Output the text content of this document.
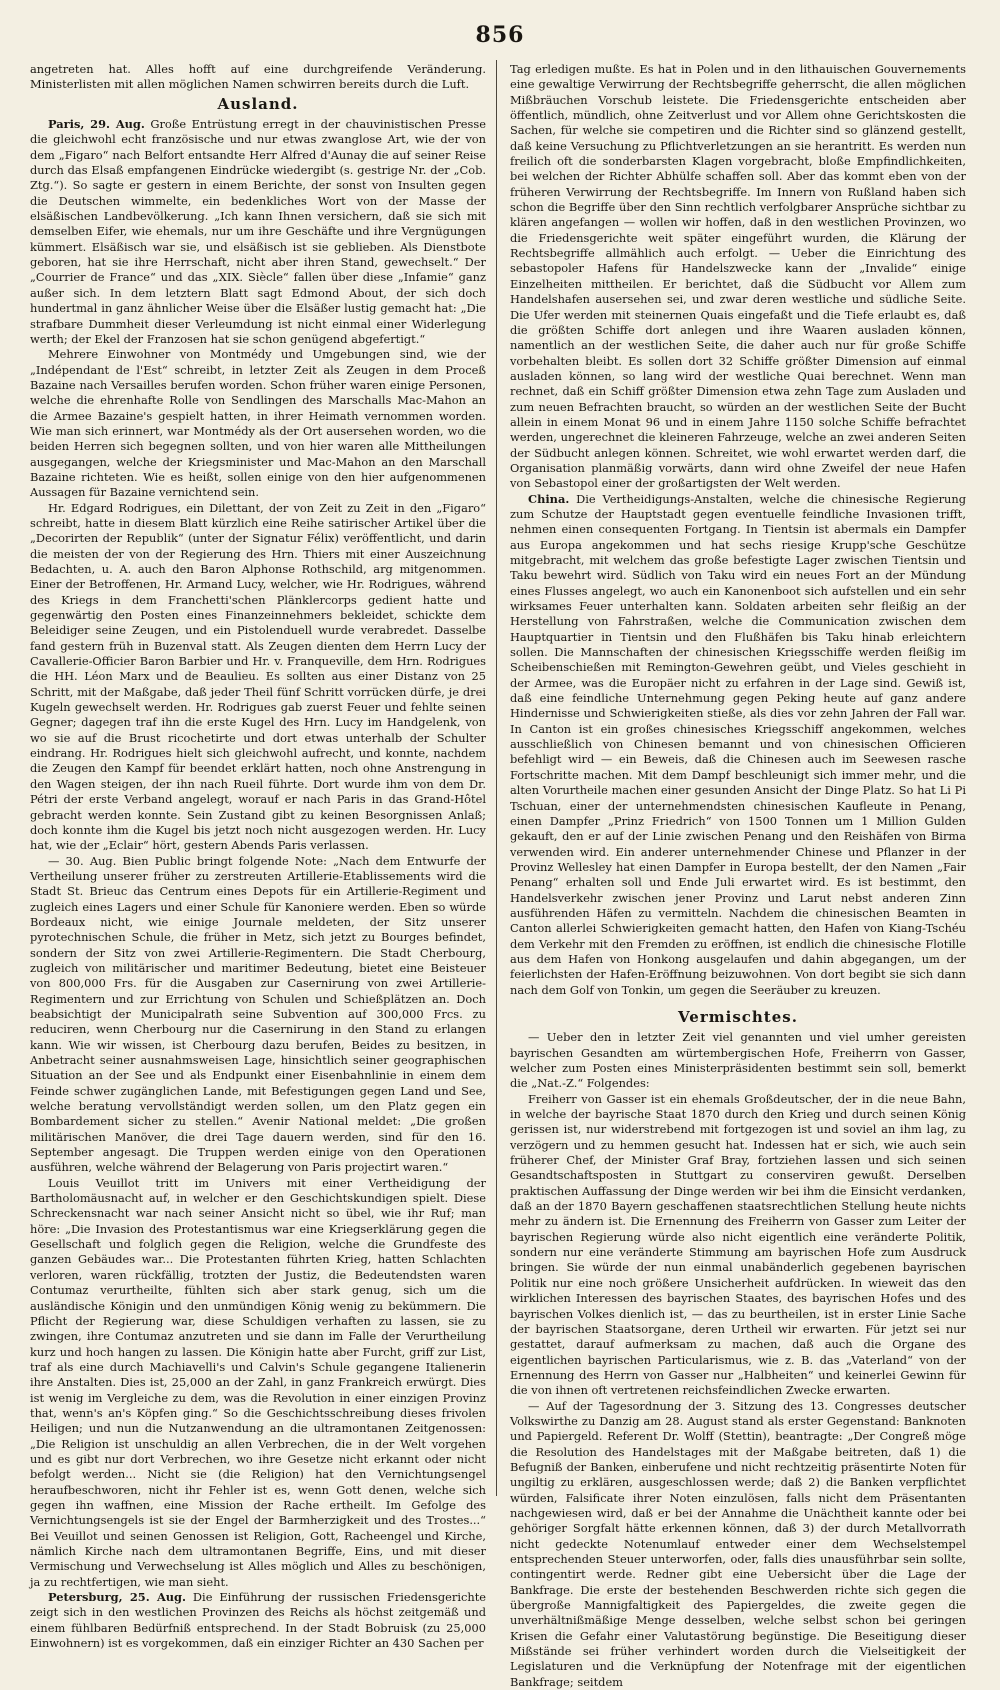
856

angetreten hat. Alles hofft auf eine durchgreifende Veränderung. Ministerlisten mit allen möglichen Namen schwirren bereits durch die Luft.

Ausland.

Paris, 29. Aug. Große Entrüstung erregt in der chauvinistischen Presse die gleichwohl echt französische und nur etwas zwanglose Art, wie der von dem „Figaro“ nach Belfort entsandte Herr Alfred d'Aunay die auf seiner Reise durch das Elsaß empfangenen Eindrücke wiedergibt (s. gestrige Nr. der „Cob. Ztg.“). So sagte er gestern in einem Berichte, der sonst von Insulten gegen die Deutschen wimmelte, ein bedenkliches Wort von der Masse der elsäßischen Landbevölkerung. „Ich kann Ihnen versichern, daß sie sich mit demselben Eifer, wie ehemals, nur um ihre Geschäfte und ihre Vergnügungen kümmert. Elsäßisch war sie, und elsäßisch ist sie geblieben. Als Dienstbote geboren, hat sie ihre Herrschaft, nicht aber ihren Stand, gewechselt.“ Der „Courrier de France“ und das „XIX. Siècle“ fallen über diese „Infamie“ ganz außer sich. In dem letztern Blatt sagt Edmond About, der sich doch hundertmal in ganz ähnlicher Weise über die Elsäßer lustig gemacht hat: „Die strafbare Dummheit dieser Verleumdung ist nicht einmal einer Widerlegung werth; der Ekel der Franzosen hat sie schon genügend abgefertigt.“

Mehrere Einwohner von Montmédy und Umgebungen sind, wie der „Indépendant de l'Est“ schreibt, in letzter Zeit als Zeugen in dem Proceß Bazaine nach Versailles berufen worden. Schon früher waren einige Personen, welche die ehrenhafte Rolle von Sendlingen des Marschalls Mac-Mahon an die Armee Bazaine's gespielt hatten, in ihrer Heimath vernommen worden. Wie man sich erinnert, war Montmédy als der Ort ausersehen worden, wo die beiden Herren sich begegnen sollten, und von hier waren alle Mittheilungen ausgegangen, welche der Kriegsminister und Mac-Mahon an den Marschall Bazaine richteten. Wie es heißt, sollen einige von den hier aufgenommenen Aussagen für Bazaine vernichtend sein.

Hr. Edgard Rodrigues, ein Dilettant, der von Zeit zu Zeit in den „Figaro“ schreibt, hatte in diesem Blatt kürzlich eine Reihe satirischer Artikel über die „Decorirten der Republik“ (unter der Signatur Félix) veröffentlicht, und darin die meisten der von der Regierung des Hrn. Thiers mit einer Auszeichnung Bedachten, u. A. auch den Baron Alphonse Rothschild, arg mitgenommen. Einer der Betroffenen, Hr. Armand Lucy, welcher, wie Hr. Rodrigues, während des Kriegs in dem Franchetti'schen Plänklercorps gedient hatte und gegenwärtig den Posten eines Finanzeinnehmers bekleidet, schickte dem Beleidiger seine Zeugen, und ein Pistolenduell wurde verabredet. Dasselbe fand gestern früh in Buzenval statt. Als Zeugen dienten dem Herrn Lucy der Cavallerie-Officier Baron Barbier und Hr. v. Franqueville, dem Hrn. Rodrigues die HH. Léon Marx und de Beaulieu. Es sollten aus einer Distanz von 25 Schritt, mit der Maßgabe, daß jeder Theil fünf Schritt vorrücken dürfe, je drei Kugeln gewechselt werden. Hr. Rodrigues gab zuerst Feuer und fehlte seinen Gegner; dagegen traf ihn die erste Kugel des Hrn. Lucy im Handgelenk, von wo sie auf die Brust ricochetirte und dort etwas unterhalb der Schulter eindrang. Hr. Rodrigues hielt sich gleichwohl aufrecht, und konnte, nachdem die Zeugen den Kampf für beendet erklärt hatten, noch ohne Anstrengung in den Wagen steigen, der ihn nach Rueil führte. Dort wurde ihm von dem Dr. Pétri der erste Verband angelegt, worauf er nach Paris in das Grand-Hôtel gebracht werden konnte. Sein Zustand gibt zu keinen Besorgnissen Anlaß; doch konnte ihm die Kugel bis jetzt noch nicht ausgezogen werden. Hr. Lucy hat, wie der „Eclair“ hört, gestern Abends Paris verlassen.

— 30. Aug. Bien Public bringt folgende Note: „Nach dem Entwurfe der Vertheilung unserer früher zu zerstreuten Artillerie-Etablissements wird die Stadt St. Brieuc das Centrum eines Depots für ein Artillerie-Regiment und zugleich eines Lagers und einer Schule für Kanoniere werden. Eben so würde Bordeaux nicht, wie einige Journale meldeten, der Sitz unserer pyrotechnischen Schule, die früher in Metz, sich jetzt zu Bourges befindet, sondern der Sitz von zwei Artillerie-Regimentern. Die Stadt Cherbourg, zugleich von militärischer und maritimer Bedeutung, bietet eine Beisteuer von 800,000 Frs. für die Ausgaben zur Casernirung von zwei Artillerie-Regimentern und zur Errichtung von Schulen und Schießplätzen an. Doch beabsichtigt der Municipalrath seine Subvention auf 300,000 Frcs. zu reduciren, wenn Cherbourg nur die Casernirung in den Stand zu erlangen kann. Wie wir wissen, ist Cherbourg dazu berufen, Beides zu besitzen, in Anbetracht seiner ausnahmsweisen Lage, hinsichtlich seiner geographischen Situation an der See und als Endpunkt einer Eisenbahnlinie in einem dem Feinde schwer zugänglichen Lande, mit Befestigungen gegen Land und See, welche beratung vervollständigt werden sollen, um den Platz gegen ein Bombardement sicher zu stellen.“ Avenir National meldet: „Die großen militärischen Manöver, die drei Tage dauern werden, sind für den 16. September angesagt. Die Truppen werden einige von den Operationen ausführen, welche während der Belagerung von Paris projectirt waren.“

Louis Veuillot tritt im Univers mit einer Vertheidigung der Bartholomäusnacht auf, in welcher er den Geschichtskundigen spielt. Diese Schreckensnacht war nach seiner Ansicht nicht so übel, wie ihr Ruf; man höre: „Die Invasion des Protestantismus war eine Kriegserklärung gegen die Gesellschaft und folglich gegen die Religion, welche die Grundfeste des ganzen Gebäudes war... Die Protestanten führten Krieg, hatten Schlachten verloren, waren rückfällig, trotzten der Justiz, die Bedeutendsten waren Contumaz verurtheilte, fühlten sich aber stark genug, sich um die ausländische Königin und den unmündigen König wenig zu bekümmern. Die Pflicht der Regierung war, diese Schuldigen verhaften zu lassen, sie zu zwingen, ihre Contumaz anzutreten und sie dann im Falle der Verurtheilung kurz und hoch hangen zu lassen. Die Königin hatte aber Furcht, griff zur List, traf als eine durch Machiavelli's und Calvin's Schule gegangene Italienerin ihre Anstalten. Dies ist, 25,000 an der Zahl, in ganz Frankreich erwürgt. Dies ist wenig im Vergleiche zu dem, was die Revolution in einer einzigen Provinz that, wenn's an's Köpfen ging.“ So die Geschichtsschreibung dieses frivolen Heiligen; und nun die Nutzanwendung an die ultramontanen Zeitgenossen: „Die Religion ist unschuldig an allen Verbrechen, die in der Welt vorgehen und es gibt nur dort Verbrechen, wo ihre Gesetze nicht erkannt oder nicht befolgt werden... Nicht sie (die Religion) hat den Vernichtungsengel heraufbeschworen, nicht ihr Fehler ist es, wenn Gott denen, welche sich gegen ihn waffnen, eine Mission der Rache ertheilt. Im Gefolge des Vernichtungsengels ist sie der Engel der Barmherzigkeit und des Trostes...“ Bei Veuillot und seinen Genossen ist Religion, Gott, Racheengel und Kirche, nämlich Kirche nach dem ultramontanen Begriffe, Eins, und mit dieser Vermischung und Verwechselung ist Alles möglich und Alles zu beschönigen, ja zu rechtfertigen, wie man sieht.

Petersburg, 25. Aug. Die Einführung der russischen Friedensgerichte zeigt sich in den westlichen Provinzen des Reichs als höchst zeitgemäß und einem fühlbaren Bedürfniß entsprechend. In der Stadt Bobruisk (zu 25,000 Einwohnern) ist es vorgekommen, daß ein einziger Richter an 430 Sachen per

Tag erledigen mußte. Es hat in Polen und in den lithauischen Gouvernements eine gewaltige Verwirrung der Rechtsbegriffe geherrscht, die allen möglichen Mißbräuchen Vorschub leistete. Die Friedensgerichte entscheiden aber öffentlich, mündlich, ohne Zeitverlust und vor Allem ohne Gerichtskosten die Sachen, für welche sie competiren und die Richter sind so glänzend gestellt, daß keine Versuchung zu Pflichtverletzungen an sie herantritt. Es werden nun freilich oft die sonderbarsten Klagen vorgebracht, bloße Empfindlichkeiten, bei welchen der Richter Abhülfe schaffen soll. Aber das kommt eben von der früheren Verwirrung der Rechtsbegriffe. Im Innern von Rußland haben sich schon die Begriffe über den Sinn rechtlich verfolgbarer Ansprüche sichtbar zu klären angefangen — wollen wir hoffen, daß in den westlichen Provinzen, wo die Friedensgerichte weit später eingeführt wurden, die Klärung der Rechtsbegriffe allmählich auch erfolgt. — Ueber die Einrichtung des sebastopoler Hafens für Handelszwecke kann der „Invalide“ einige Einzelheiten mittheilen. Er berichtet, daß die Südbucht vor Allem zum Handelshafen ausersehen sei, und zwar deren westliche und südliche Seite. Die Ufer werden mit steinernen Quais eingefaßt und die Tiefe erlaubt es, daß die größten Schiffe dort anlegen und ihre Waaren ausladen können, namentlich an der westlichen Seite, die daher auch nur für große Schiffe vorbehalten bleibt. Es sollen dort 32 Schiffe größter Dimension auf einmal ausladen können, so lang wird der westliche Quai berechnet. Wenn man rechnet, daß ein Schiff größter Dimension etwa zehn Tage zum Ausladen und zum neuen Befrachten braucht, so würden an der westlichen Seite der Bucht allein in einem Monat 96 und in einem Jahre 1150 solche Schiffe befrachtet werden, ungerechnet die kleineren Fahrzeuge, welche an zwei anderen Seiten der Südbucht anlegen können. Schreitet, wie wohl erwartet werden darf, die Organisation planmäßig vorwärts, dann wird ohne Zweifel der neue Hafen von Sebastopol einer der großartigsten der Welt werden.

China. Die Vertheidigungs-Anstalten, welche die chinesische Regierung zum Schutze der Hauptstadt gegen eventuelle feindliche Invasionen trifft, nehmen einen consequenten Fortgang. In Tientsin ist abermals ein Dampfer aus Europa angekommen und hat sechs riesige Krupp'sche Geschütze mitgebracht, mit welchem das große befestigte Lager zwischen Tientsin und Taku bewehrt wird. Südlich von Taku wird ein neues Fort an der Mündung eines Flusses angelegt, wo auch ein Kanonenboot sich aufstellen und ein sehr wirksames Feuer unterhalten kann. Soldaten arbeiten sehr fleißig an der Herstellung von Fahrstraßen, welche die Communication zwischen dem Hauptquartier in Tientsin und den Flußhäfen bis Taku hinab erleichtern sollen. Die Mannschaften der chinesischen Kriegsschiffe werden fleißig im Scheibenschießen mit Remington-Gewehren geübt, und Vieles geschieht in der Armee, was die Europäer nicht zu erfahren in der Lage sind. Gewiß ist, daß eine feindliche Unternehmung gegen Peking heute auf ganz andere Hindernisse und Schwierigkeiten stieße, als dies vor zehn Jahren der Fall war. In Canton ist ein großes chinesisches Kriegsschiff angekommen, welches ausschließlich von Chinesen bemannt und von chinesischen Officieren befehligt wird — ein Beweis, daß die Chinesen auch im Seewesen rasche Fortschritte machen. Mit dem Dampf beschleunigt sich immer mehr, und die alten Vorurtheile machen einer gesunden Ansicht der Dinge Platz. So hat Li Pi Tschuan, einer der unternehmendsten chinesischen Kaufleute in Penang, einen Dampfer „Prinz Friedrich“ von 1500 Tonnen um 1 Million Gulden gekauft, den er auf der Linie zwischen Penang und den Reishäfen von Birma verwenden wird. Ein anderer unternehmender Chinese und Pflanzer in der Provinz Wellesley hat einen Dampfer in Europa bestellt, der den Namen „Fair Penang“ erhalten soll und Ende Juli erwartet wird. Es ist bestimmt, den Handelsverkehr zwischen jener Provinz und Larut nebst anderen Zinn ausführenden Häfen zu vermitteln. Nachdem die chinesischen Beamten in Canton allerlei Schwierigkeiten gemacht hatten, den Hafen von Kiang-Tschéu dem Verkehr mit den Fremden zu eröffnen, ist endlich die chinesische Flotille aus dem Hafen von Honkong ausgelaufen und dahin abgegangen, um der feierlichsten der Hafen-Eröffnung beizuwohnen. Von dort begibt sie sich dann nach dem Golf von Tonkin, um gegen die Seeräuber zu kreuzen.

Vermischtes.

— Ueber den in letzter Zeit viel genannten und viel umher gereisten bayrischen Gesandten am würtembergischen Hofe, Freiherrn von Gasser, welcher zum Posten eines Ministerpräsidenten bestimmt sein soll, bemerkt die „Nat.-Z.“ Folgendes:

Freiherr von Gasser ist ein ehemals Großdeutscher, der in die neue Bahn, in welche der bayrische Staat 1870 durch den Krieg und durch seinen König gerissen ist, nur widerstrebend mit fortgezogen ist und soviel an ihm lag, zu verzögern und zu hemmen gesucht hat. Indessen hat er sich, wie auch sein früherer Chef, der Minister Graf Bray, fortziehen lassen und sich seinen Gesandtschaftsposten in Stuttgart zu conserviren gewußt. Derselben praktischen Auffassung der Dinge werden wir bei ihm die Einsicht verdanken, daß an der 1870 Bayern geschaffenen staatsrechtlichen Stellung heute nichts mehr zu ändern ist. Die Ernennung des Freiherrn von Gasser zum Leiter der bayrischen Regierung würde also nicht eigentlich eine veränderte Politik, sondern nur eine veränderte Stimmung am bayrischen Hofe zum Ausdruck bringen. Sie würde der nun einmal unabänderlich gegebenen bayrischen Politik nur eine noch größere Unsicherheit aufdrücken. In wieweit das den wirklichen Interessen des bayrischen Staates, des bayrischen Hofes und des bayrischen Volkes dienlich ist, — das zu beurtheilen, ist in erster Linie Sache der bayrischen Staatsorgane, deren Urtheil wir erwarten. Für jetzt sei nur gestattet, darauf aufmerksam zu machen, daß auch die Organe des eigentlichen bayrischen Particularismus, wie z. B. das „Vaterland“ von der Ernennung des Herrn von Gasser nur „Halbheiten“ und keinerlei Gewinn für die von ihnen oft vertretenen reichsfeindlichen Zwecke erwarten.

— Auf der Tagesordnung der 3. Sitzung des 13. Congresses deutscher Volkswirthe zu Danzig am 28. August stand als erster Gegenstand: Banknoten und Papiergeld. Referent Dr. Wolff (Stettin), beantragte: „Der Congreß möge die Resolution des Handelstages mit der Maßgabe beitreten, daß 1) die Befugniß der Banken, einberufene und nicht rechtzeitig präsentirte Noten für ungiltig zu erklären, ausgeschlossen werde; daß 2) die Banken verpflichtet würden, Falsificate ihrer Noten einzulösen, falls nicht dem Präsentanten nachgewiesen wird, daß er bei der Annahme die Unächtheit kannte oder bei gehöriger Sorgfalt hätte erkennen können, daß 3) der durch Metallvorrath nicht gedeckte Notenumlauf entweder einer dem Wechselstempel entsprechenden Steuer unterworfen, oder, falls dies unausführbar sein sollte, contingentirt werde. Redner gibt eine Uebersicht über die Lage der Bankfrage. Die erste der bestehenden Beschwerden richte sich gegen die übergroße Mannigfaltigkeit des Papiergeldes, die zweite gegen die unverhältnißmäßige Menge desselben, welche selbst schon bei geringen Krisen die Gefahr einer Valutastörung begünstige. Die Beseitigung dieser Mißstände sei früher verhindert worden durch die Vielseitigkeit der Legislaturen und die Verknüpfung der Notenfrage mit der eigentlichen Bankfrage; seitdem
